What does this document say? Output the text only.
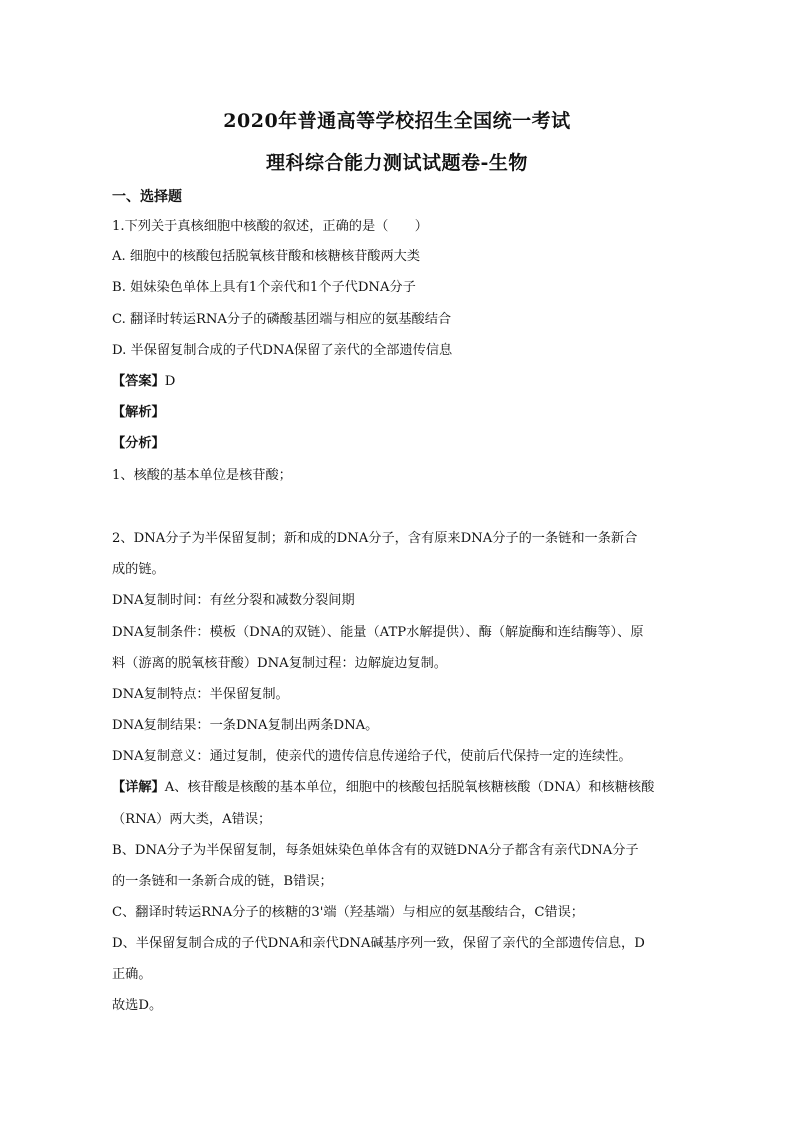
2020年普通高等学校招生全国统一考试
理科综合能力测试试题卷-生物
一、选择题
1.下列关于真核细胞中核酸的叙述，正确的是（　　）
A. 细胞中的核酸包括脱氧核苷酸和核糖核苷酸两大类
B. 姐妹染色单体上具有1个亲代和1个子代DNA分子
C. 翻译时转运RNA分子的磷酸基团端与相应的氨基酸结合
D. 半保留复制合成的子代DNA保留了亲代的全部遗传信息
【答案】D
【解析】
【分析】
1、核酸的基本单位是核苷酸；
2、DNA分子为半保留复制；新和成的DNA分子，含有原来DNA分子的一条链和一条新合
成的链。
DNA复制时间：有丝分裂和减数分裂间期
DNA复制条件：模板（DNA的双链）、能量（ATP水解提供）、酶（解旋酶和连结酶等）、原
料（游离的脱氧核苷酸）DNA复制过程：边解旋边复制。
DNA复制特点：半保留复制。
DNA复制结果：一条DNA复制出两条DNA。
DNA复制意义：通过复制，使亲代的遗传信息传递给子代，使前后代保持一定的连续性。
【详解】A、核苷酸是核酸的基本单位，细胞中的核酸包括脱氧核糖核酸（DNA）和核糖核酸
（RNA）两大类，A错误；
B、DNA分子为半保留复制，每条姐妹染色单体含有的双链DNA分子都含有亲代DNA分子
的一条链和一条新合成的链，B错误；
C、翻译时转运RNA分子的核糖的3'端（羟基端）与相应的氨基酸结合，C错误；
D、半保留复制合成的子代DNA和亲代DNA碱基序列一致，保留了亲代的全部遗传信息，D
正确。
故选D。
